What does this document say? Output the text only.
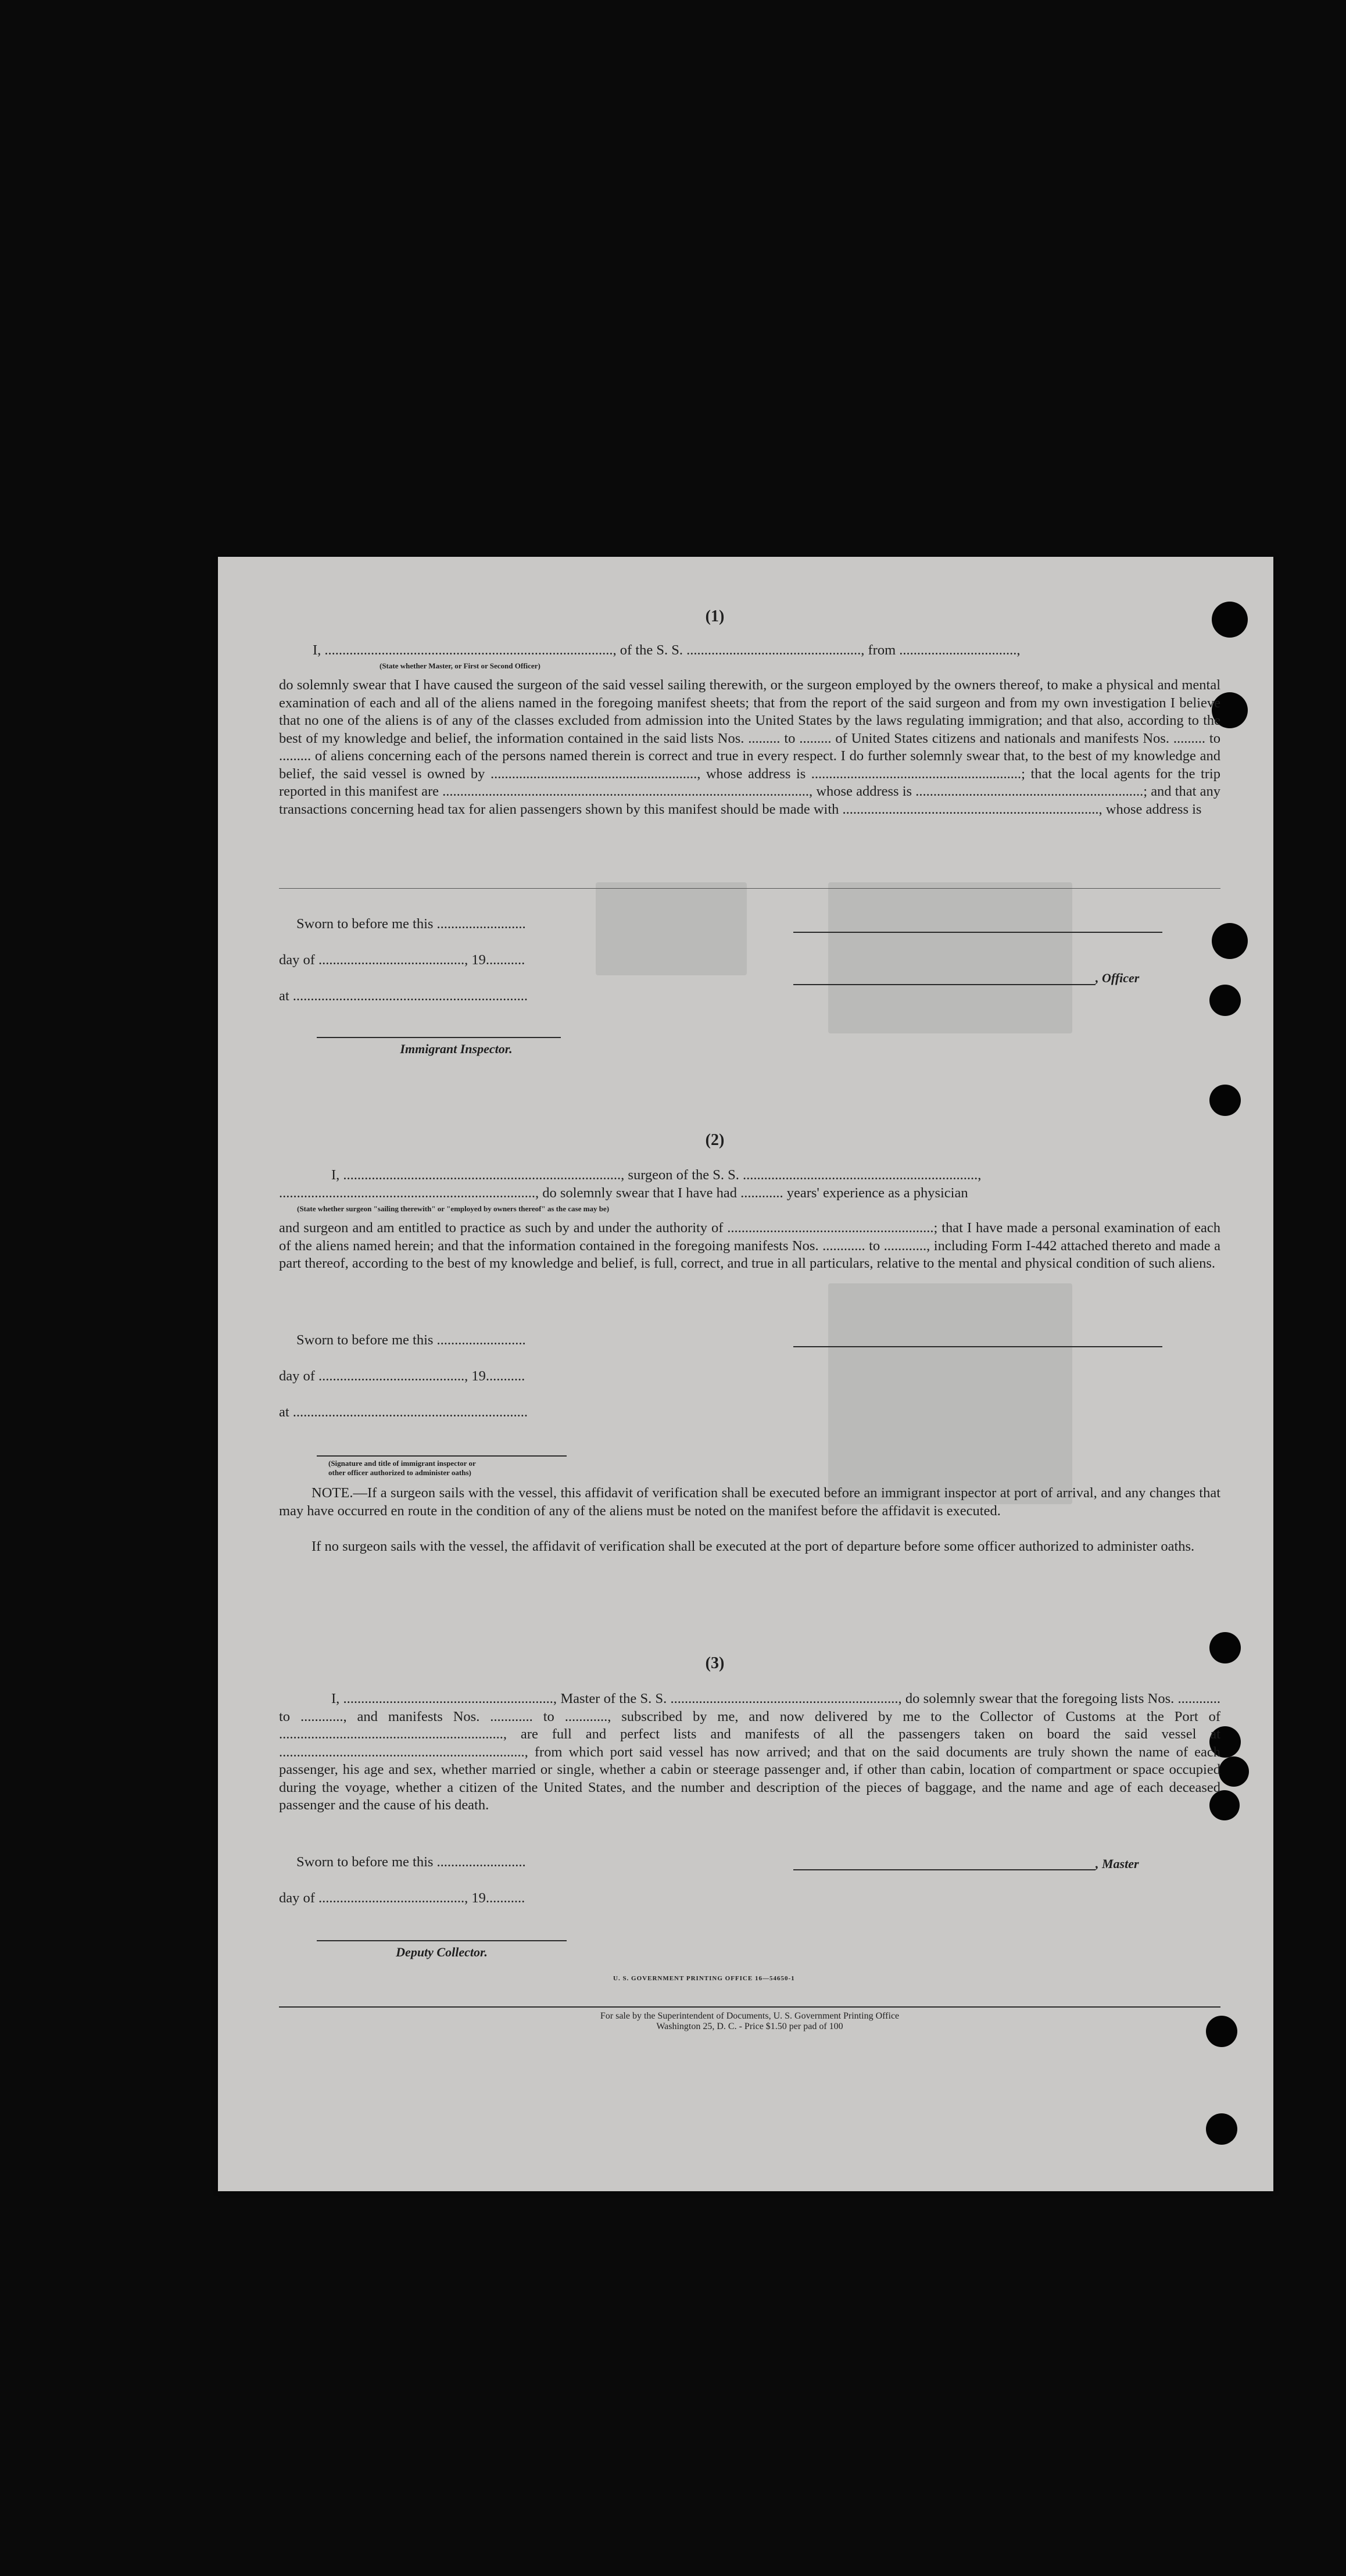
(1)
I, ................................................................................., of the S. S. ................................................., from .................................,
(State whether Master, or First or Second Officer)

do solemnly swear that I have caused the surgeon of the said vessel sailing therewith, or the surgeon employed by the owners thereof, to make a physical and mental examination of each and all of the aliens named in the foregoing manifest sheets; that from the report of the said surgeon and from my own investigation I believe that no one of the aliens is of any of the classes excluded from admission into the United States by the laws regulating immigration; and that also, according to the best of my knowledge and belief, the information contained in the said lists Nos. ......... to ......... of United States citizens and nationals and manifests Nos. ......... to ......... of aliens concerning each of the persons named therein is correct and true in every respect. I do further solemnly swear that, to the best of my knowledge and belief, the said vessel is owned by .........................................................., whose address is ...........................................................; that the local agents for the trip reported in this manifest are ......................................................................................................., whose address is ................................................................; and that any transactions concerning head tax for alien passengers shown by this manifest should be made with ........................................................................, whose address is

Sworn to before me this .........................
day of ........................................., 19...........
at ..................................................................
Immigrant Inspector.
, Officer
(2)
I, .............................................................................., surgeon of the S. S. ..................................................................,
........................................................................, do solemnly swear that I have had ............ years' experience as a physician
(State whether surgeon "sailing therewith" or "employed by owners thereof" as the case may be)

and surgeon and am entitled to practice as such by and under the authority of ..........................................................; that I have made a personal examination of each of the aliens named herein; and that the information contained in the foregoing manifests Nos. ............ to ............, including Form I-442 attached thereto and made a part thereof, according to the best of my knowledge and belief, is full, correct, and true in all particulars, relative to the mental and physical condition of such aliens.

Sworn to before me this .........................
day of ........................................., 19...........
at ..................................................................
(Signature and title of immigrant inspector or
other officer authorized to administer oaths)

NOTE.—If a surgeon sails with the vessel, this affidavit of verification shall be executed before an immigrant inspector at port of arrival, and any changes that may have occurred en route in the condition of any of the aliens must be noted on the manifest before the affidavit is executed.

If no surgeon sails with the vessel, the affidavit of verification shall be executed at the port of departure before some officer authorized to administer oaths.

(3)

I, ..........................................................., Master of the S. S. ................................................................, do solemnly swear that the foregoing lists Nos. ............ to ............, and manifests Nos. ............ to ............, subscribed by me, and now delivered by me to the Collector of Customs at the Port of ..............................................................., are full and perfect lists and manifests of all the passengers taken on board the said vessel at ....................................................................., from which port said vessel has now arrived; and that on the said documents are truly shown the name of each passenger, his age and sex, whether married or single, whether a cabin or steerage passenger and, if other than cabin, location of compartment or space occupied during the voyage, whether a citizen of the United States, and the number and description of the pieces of baggage, and the name and age of each deceased passenger and the cause of his death.

Sworn to before me this .........................
day of ........................................., 19...........
, Master
Deputy Collector.
U. S. GOVERNMENT PRINTING OFFICE 16—54650-1
For sale by the Superintendent of Documents, U. S. Government Printing Office
Washington 25, D. C. - Price $1.50 per pad of 100
